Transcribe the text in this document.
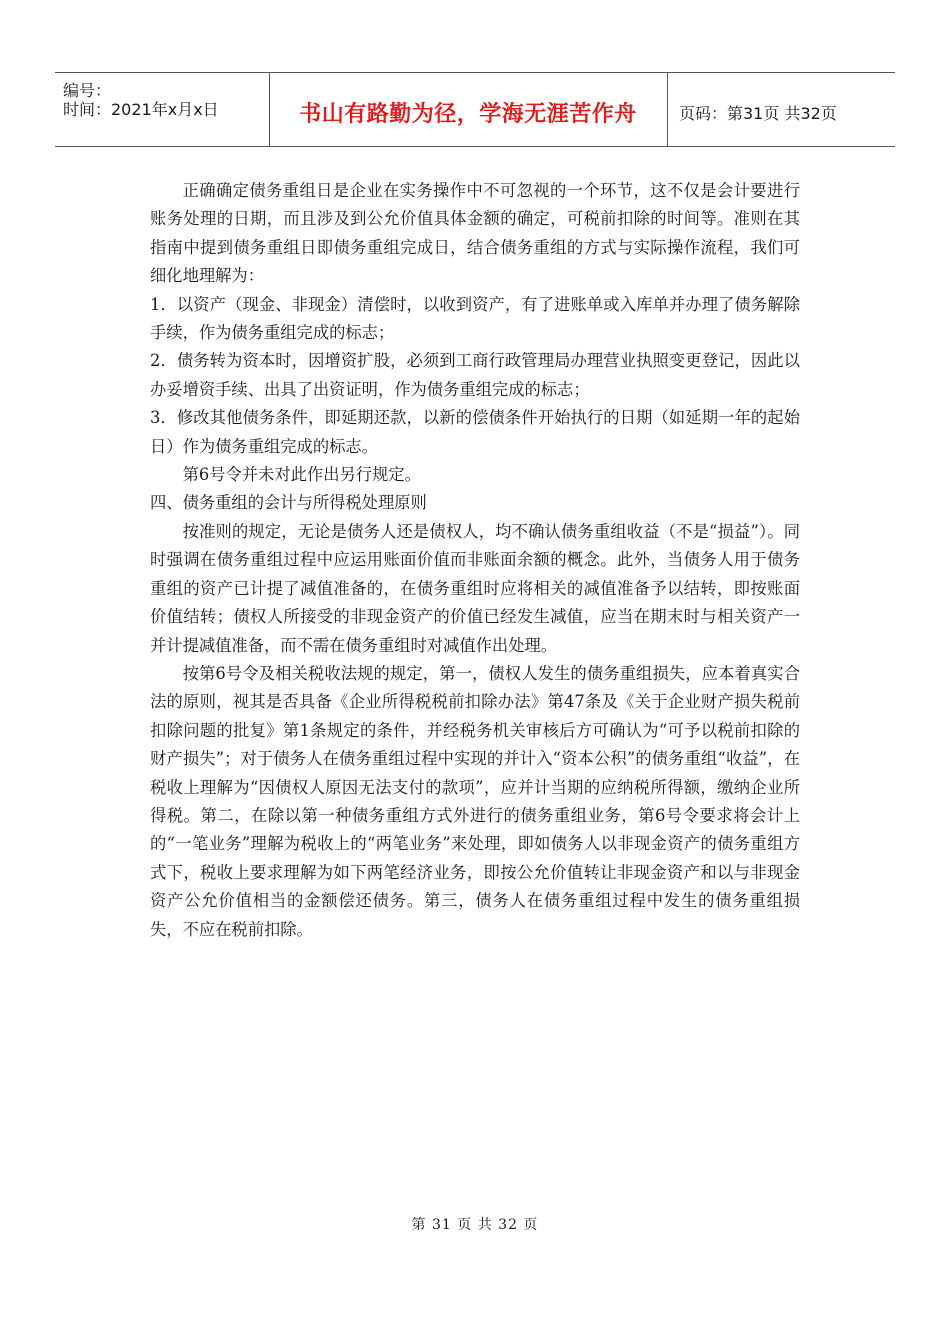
编号：
时间：2021年x月x日	书山有路勤为径，学海无涯苦作舟	页码：第31页 共32页

正确确定债务重组日是企业在实务操作中不可忽视的一个环节，这不仅是会计要进行账务处理的日期，而且涉及到公允价值具体金额的确定，可税前扣除的时间等。准则在其指南中提到债务重组日即债务重组完成日，结合债务重组的方式与实际操作流程，我们可细化地理解为：

1．以资产（现金、非现金）清偿时，以收到资产，有了进账单或入库单并办理了债务解除手续，作为债务重组完成的标志；

2．债务转为资本时，因增资扩股，必须到工商行政管理局办理营业执照变更登记，因此以办妥增资手续、出具了出资证明，作为债务重组完成的标志；

3．修改其他债务条件，即延期还款，以新的偿债条件开始执行的日期（如延期一年的起始日）作为债务重组完成的标志。

第6号令并未对此作出另行规定。

四、债务重组的会计与所得税处理原则

按准则的规定，无论是债务人还是债权人，均不确认债务重组收益（不是“损益”）。同时强调在债务重组过程中应运用账面价值而非账面余额的概念。此外，当债务人用于债务重组的资产已计提了减值准备的，在债务重组时应将相关的减值准备予以结转，即按账面价值结转；债权人所接受的非现金资产的价值已经发生减值，应当在期末时与相关资产一并计提减值准备，而不需在债务重组时对减值作出处理。

按第6号令及相关税收法规的规定，第一，债权人发生的债务重组损失，应本着真实合法的原则，视其是否具备《企业所得税税前扣除办法》第47条及《关于企业财产损失税前扣除问题的批复》第1条规定的条件，并经税务机关审核后方可确认为“可予以税前扣除的财产损失”；对于债务人在债务重组过程中实现的并计入“资本公积”的债务重组“收益”，在税收上理解为“因债权人原因无法支付的款项”，应并计当期的应纳税所得额，缴纳企业所得税。第二，在除以第一种债务重组方式外进行的债务重组业务，第6号令要求将会计上的“一笔业务”理解为税收上的“两笔业务”来处理，即如债务人以非现金资产的债务重组方式下，税收上要求理解为如下两笔经济业务，即按公允价值转让非现金资产和以与非现金资产公允价值相当的金额偿还债务。第三，债务人在债务重组过程中发生的债务重组损失，不应在税前扣除。

第 31 页 共 32 页
